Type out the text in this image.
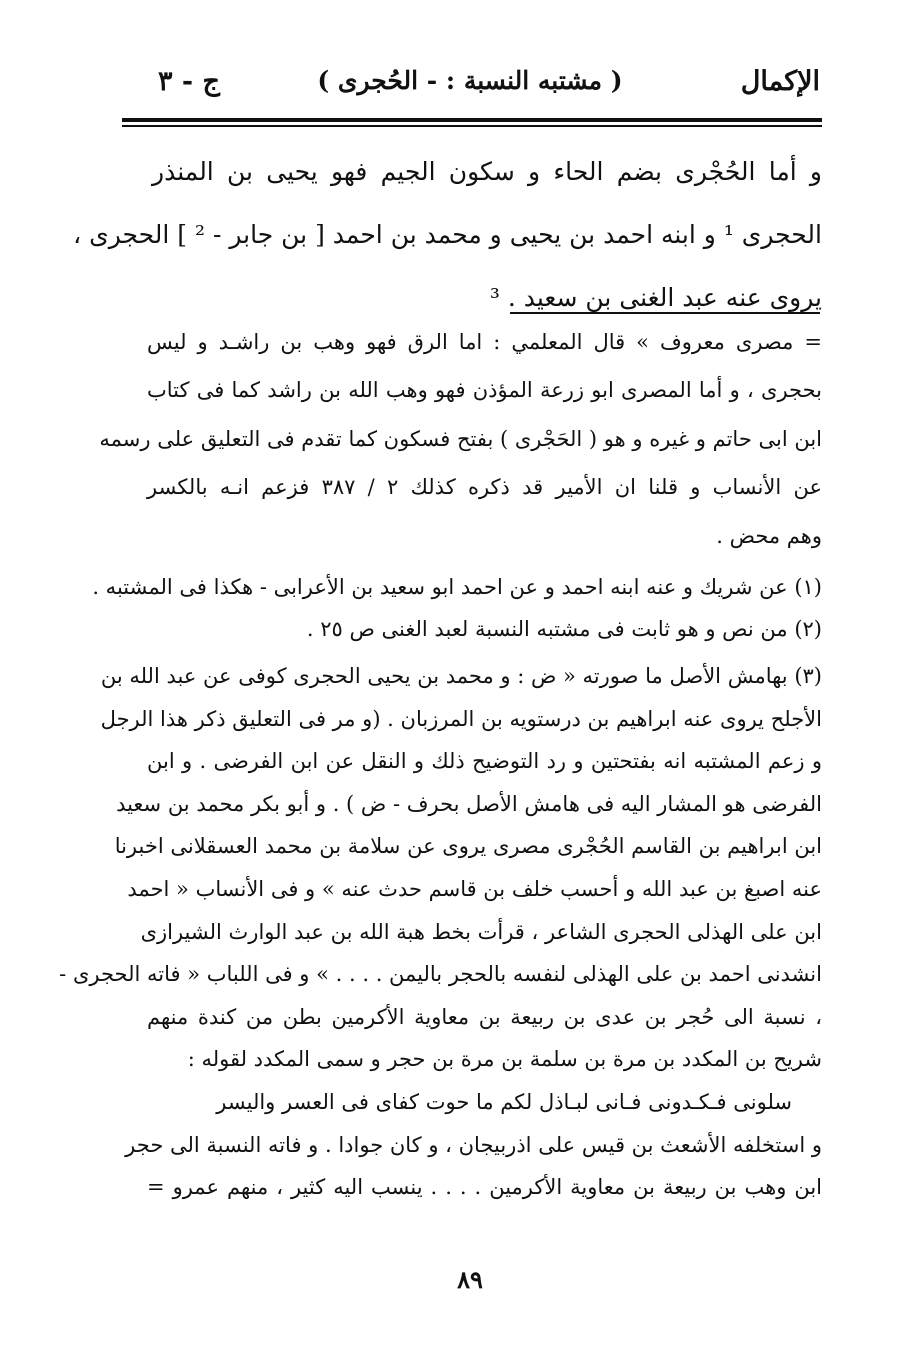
الإكمال
( مشتبه النسبة : - الحُجرى )
ج - ٣
و أما الحُجْرى بضم الحاء و سكون الجيم فهو يحيى بن المنذر
الحجرى ¹ و ابنه احمد بن يحيى و محمد بن احمد [ بن جابر - ² ] الحجرى ،
يروى عنه عبد الغنى بن سعيد . ³
= مصرى معروف » قال المعلمي : اما الرق فهو وهب بن راشـد و ليس
بحجرى ، و أما المصرى ابو زرعة المؤذن فهو وهب الله بن راشد كما فى كتاب
ابن ابى حاتم و غيره و هو ( الحَجْرى ) بفتح فسكون كما تقدم فى التعليق على رسمه
عن الأنساب و قلنا ان الأمير قد ذكره كذلك ٢ / ٣٨٧ فزعم انـه بالكسر
وهم محض .
(١) عن شريك و عنه ابنه احمد و عن احمد ابو سعيد بن الأعرابى - هكذا فى المشتبه .
(٢) من نص و هو ثابت فى مشتبه النسبة لعبد الغنى ص ٢٥ .
(٣) بهامش الأصل ما صورته « ض : و محمد بن يحيى الحجرى كوفى عن عبد الله بن
الأجلح يروى عنه ابراهيم بن درستويه بن المرزبان . (و مر فى التعليق ذكر هذا الرجل
و زعم المشتبه انه بفتحتين و رد التوضيح ذلك و النقل عن ابن الفرضى . و ابن
الفرضى هو المشار اليه فى هامش الأصل بحرف - ض ) . و أبو بكر محمد بن سعيد
ابن ابراهيم بن القاسم الحُجْرى مصرى يروى عن سلامة بن محمد العسقلانى اخبرنا
عنه اصبغ بن عبد الله و أحسب خلف بن قاسم حدث عنه » و فى الأنساب « احمد
ابن على الهذلى الحجرى الشاعر ، قرأت بخط هبة الله بن عبد الوارث الشيرازى
انشدنى احمد بن على الهذلى لنفسه بالحجر باليمن . . . . » و فى اللباب « فاته الحجرى -
، نسبة الى حُجر بن عدى بن ربيعة بن معاوية الأكرمين بطن من كندة منهم
شريح بن المكدد بن مرة بن سلمة بن مرة بن حجر و سمى المكدد لقوله :
سلونى فـكـدونى فـانى لبـاذل لكم ما حوت كفاى فى العسر واليسر
و استخلفه الأشعث بن قيس على اذربيجان ، و كان جوادا . و فاته النسبة الى حجر
ابن وهب بن ربيعة بن معاوية الأكرمين . . . . ينسب اليه كثير ، منهم عمرو =
٨٩
